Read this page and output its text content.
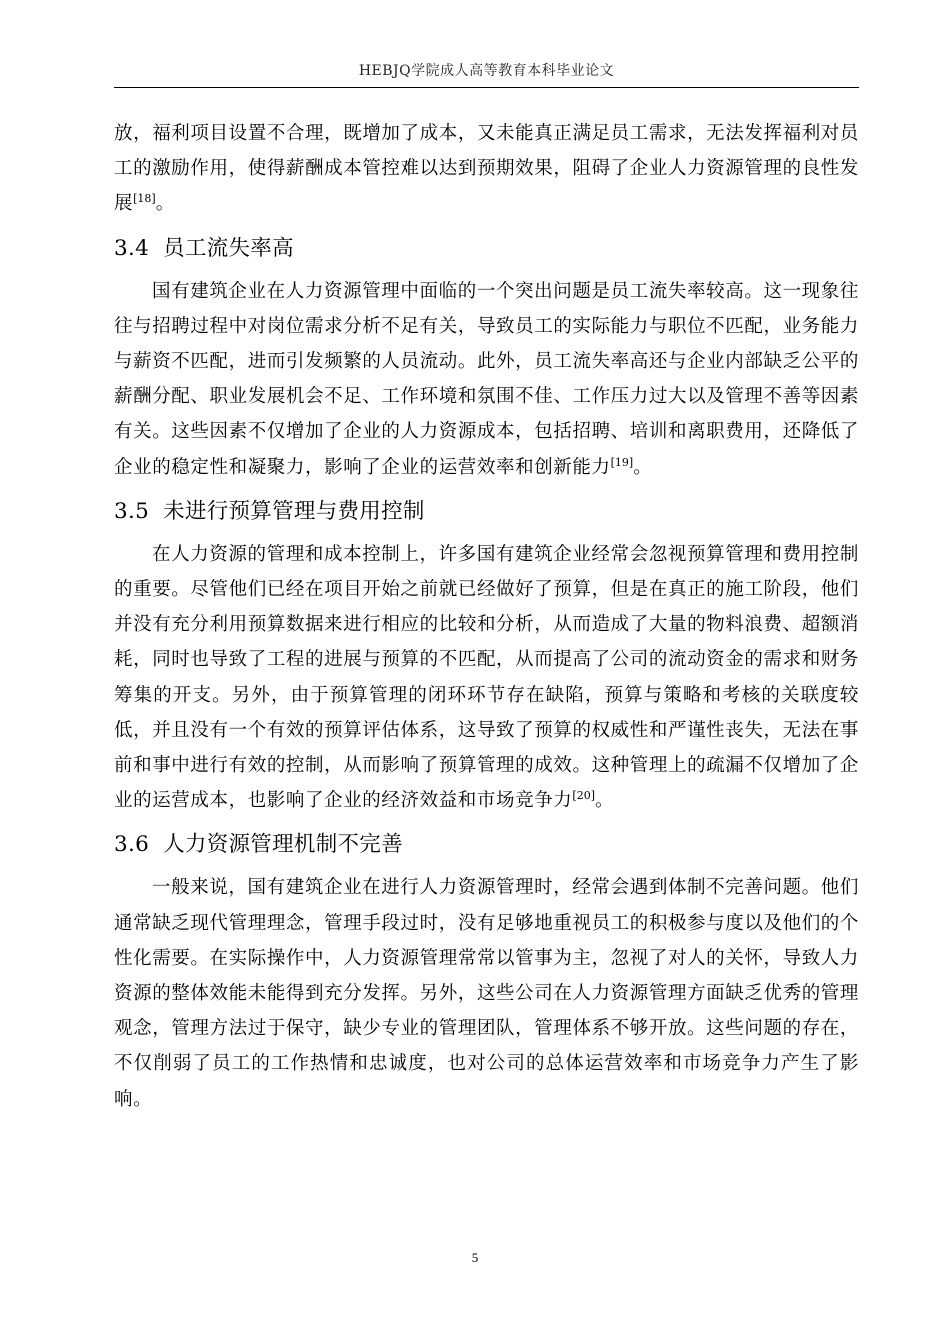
HEBJQ学院成人高等教育本科毕业论文

放，福利项目设置不合理，既增加了成本，又未能真正满足员工需求，无法发挥福利对员工的激励作用，使得薪酬成本管控难以达到预期效果，阻碍了企业人力资源管理的良性发展[18]。

3.4 员工流失率高

国有建筑企业在人力资源管理中面临的一个突出问题是员工流失率较高。这一现象往往与招聘过程中对岗位需求分析不足有关，导致员工的实际能力与职位不匹配，业务能力与薪资不匹配，进而引发频繁的人员流动。此外，员工流失率高还与企业内部缺乏公平的薪酬分配、职业发展机会不足、工作环境和氛围不佳、工作压力过大以及管理不善等因素有关。这些因素不仅增加了企业的人力资源成本，包括招聘、培训和离职费用，还降低了企业的稳定性和凝聚力，影响了企业的运营效率和创新能力[19]。

3.5 未进行预算管理与费用控制

在人力资源的管理和成本控制上，许多国有建筑企业经常会忽视预算管理和费用控制的重要。尽管他们已经在项目开始之前就已经做好了预算，但是在真正的施工阶段，他们并没有充分利用预算数据来进行相应的比较和分析，从而造成了大量的物料浪费、超额消耗，同时也导致了工程的进展与预算的不匹配，从而提高了公司的流动资金的需求和财务筹集的开支。另外，由于预算管理的闭环环节存在缺陷，预算与策略和考核的关联度较低，并且没有一个有效的预算评估体系，这导致了预算的权威性和严谨性丧失，无法在事前和事中进行有效的控制，从而影响了预算管理的成效。这种管理上的疏漏不仅增加了企业的运营成本，也影响了企业的经济效益和市场竞争力[20]。

3.6 人力资源管理机制不完善

一般来说，国有建筑企业在进行人力资源管理时，经常会遇到体制不完善问题。他们通常缺乏现代管理理念，管理手段过时，没有足够地重视员工的积极参与度以及他们的个性化需要。在实际操作中，人力资源管理常常以管事为主，忽视了对人的关怀，导致人力资源的整体效能未能得到充分发挥。另外，这些公司在人力资源管理方面缺乏优秀的管理观念，管理方法过于保守，缺少专业的管理团队，管理体系不够开放。这些问题的存在，不仅削弱了员工的工作热情和忠诚度，也对公司的总体运营效率和市场竞争力产生了影响。

5
